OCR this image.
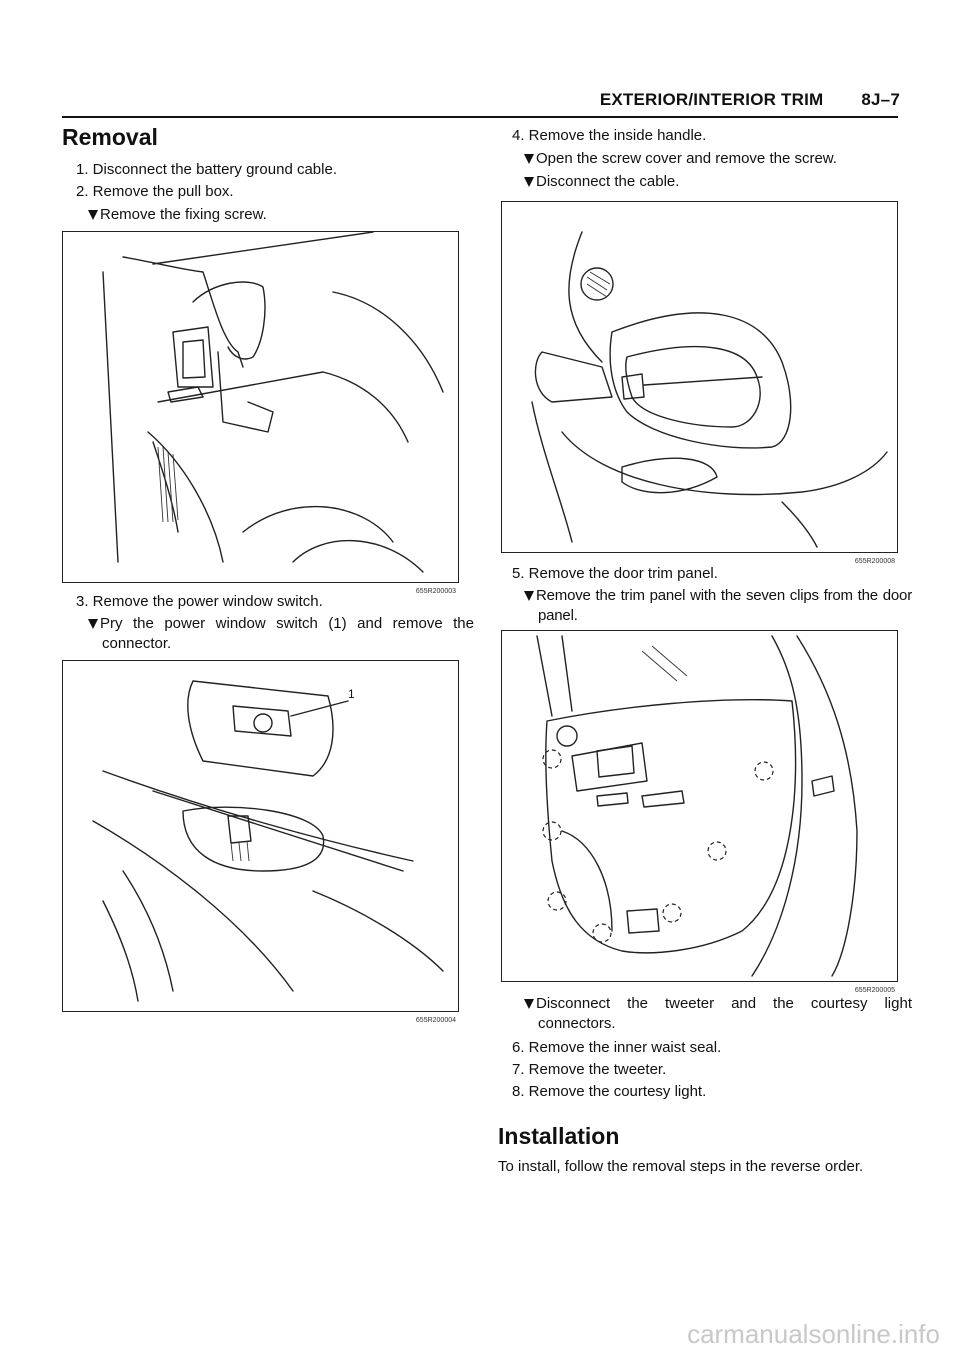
EXTERIOR/INTERIOR TRIM 8J–7
Removal

1. Disconnect the battery ground cable.

2. Remove the pull box.

Remove the fixing screw.

655R200003

3. Remove the power window switch.

Pry the power window switch (1) and remove the connector.

1
655R200004

4. Remove the inside handle.

Open the screw cover and remove the screw.

Disconnect the cable.

655R200008

5. Remove the door trim panel.

Remove the trim panel with the seven clips from the door panel.

655R200005

Disconnect the tweeter and the courtesy light connectors.

6. Remove the inner waist seal.

7. Remove the tweeter.

8. Remove the courtesy light.

Installation

To install, follow the removal steps in the reverse order.

carmanualsonline.info
